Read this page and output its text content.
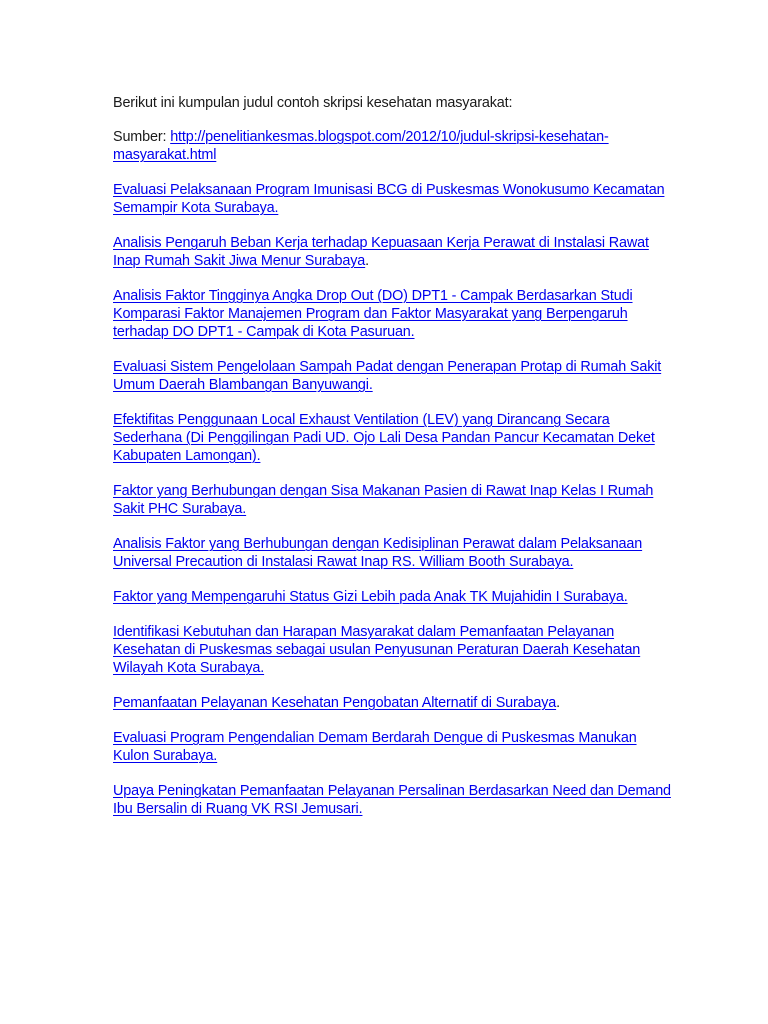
Berikut ini kumpulan judul contoh skripsi kesehatan masyarakat:

Sumber: http://penelitiankesmas.blogspot.com/2012/10/judul-skripsi-kesehatan-masyarakat.html

Evaluasi Pelaksanaan Program Imunisasi BCG di Puskesmas Wonokusumo Kecamatan Semampir Kota Surabaya.

Analisis Pengaruh Beban Kerja terhadap Kepuasaan Kerja Perawat di Instalasi Rawat Inap Rumah Sakit Jiwa Menur Surabaya.

Analisis Faktor Tingginya Angka Drop Out (DO) DPT1 - Campak Berdasarkan Studi Komparasi Faktor Manajemen Program dan Faktor Masyarakat yang Berpengaruh terhadap DO DPT1 - Campak di Kota Pasuruan.

Evaluasi Sistem Pengelolaan Sampah Padat dengan Penerapan Protap di Rumah Sakit Umum Daerah Blambangan Banyuwangi.

Efektifitas Penggunaan Local Exhaust Ventilation (LEV) yang Dirancang Secara Sederhana (Di Penggilingan Padi UD. Ojo Lali Desa Pandan Pancur Kecamatan Deket Kabupaten Lamongan).

Faktor yang Berhubungan dengan Sisa Makanan Pasien di Rawat Inap Kelas I Rumah Sakit PHC Surabaya.

Analisis Faktor yang Berhubungan dengan Kedisiplinan Perawat dalam Pelaksanaan Universal Precaution di Instalasi Rawat Inap RS. William Booth Surabaya.

Faktor yang Mempengaruhi Status Gizi Lebih pada Anak TK Mujahidin I Surabaya.

Identifikasi Kebutuhan dan Harapan Masyarakat dalam Pemanfaatan Pelayanan Kesehatan di Puskesmas sebagai usulan Penyusunan Peraturan Daerah Kesehatan Wilayah Kota Surabaya.

Pemanfaatan Pelayanan Kesehatan Pengobatan Alternatif di Surabaya.

Evaluasi Program Pengendalian Demam Berdarah Dengue di Puskesmas Manukan Kulon Surabaya.

Upaya Peningkatan Pemanfaatan Pelayanan Persalinan Berdasarkan Need dan Demand Ibu Bersalin di Ruang VK RSI Jemusari.
